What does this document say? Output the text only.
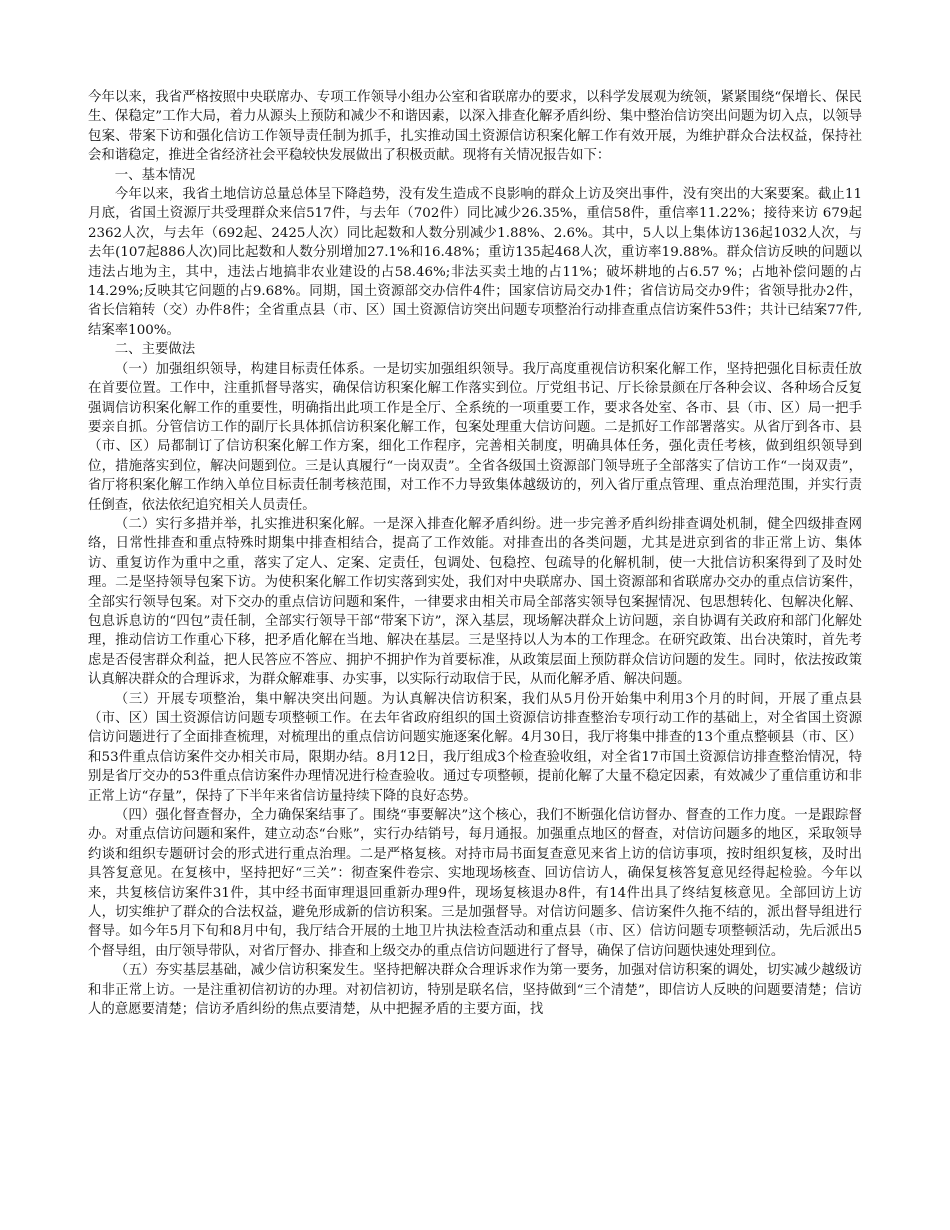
今年以来，我省严格按照中央联席办、专项工作领导小组办公室和省联席办的要求，以科学发展观为统领，紧紧围绕“保增长、保民生、保稳定”工作大局，着力从源头上预防和减少不和谐因素，以深入排查化解矛盾纠纷、集中整治信访突出问题为切入点，以领导包案、带案下访和强化信访工作领导责任制为抓手，扎实推动国土资源信访积案化解工作有效开展，为维护群众合法权益，保持社会和谐稳定，推进全省经济社会平稳较快发展做出了积极贡献。现将有关情况报告如下：

一、基本情况

今年以来，我省土地信访总量总体呈下降趋势，没有发生造成不良影响的群众上访及突出事件，没有突出的大案要案。截止11月底，省国土资源厅共受理群众来信517件，与去年（702件）同比减少26.35%，重信58件，重信率11.22%；接待来访 679起2362人次，与去年（692起、2425人次）同比起数和人数分别减少1.88%、2.6%。其中，5人以上集体访136起1032人次，与去年(107起886人次)同比起数和人数分别增加27.1%和16.48%；重访135起468人次，重访率19.88%。群众信访反映的问题以违法占地为主，其中，违法占地搞非农业建设的占58.46%;非法买卖土地的占11%；破坏耕地的占6.57 %；占地补偿问题的占14.29%;反映其它问题的占9.68%。同期，国土资源部交办信件4件；国家信访局交办1件；省信访局交办9件；省领导批办2件，省长信箱转（交）办件8件；全省重点县（市、区）国土资源信访突出问题专项整治行动排查重点信访案件53件；共计已结案77件,结案率100%。

二、主要做法

（一）加强组织领导，构建目标责任体系。一是切实加强组织领导。我厅高度重视信访积案化解工作，坚持把强化目标责任放在首要位置。工作中，注重抓督导落实，确保信访积案化解工作落实到位。厅党组书记、厅长徐景颜在厅各种会议、各种场合反复强调信访积案化解工作的重要性，明确指出此项工作是全厅、全系统的一项重要工作，要求各处室、各市、县（市、区）局一把手要亲自抓。分管信访工作的副厅长具体抓信访积案化解工作，包案处理重大信访问题。二是抓好工作部署落实。从省厅到各市、县（市、区）局都制订了信访积案化解工作方案，细化工作程序，完善相关制度，明确具体任务，强化责任考核，做到组织领导到位，措施落实到位，解决问题到位。三是认真履行“一岗双责”。全省各级国土资源部门领导班子全部落实了信访工作“一岗双责”，省厅将积案化解工作纳入单位目标责任制考核范围，对工作不力导致集体越级访的，列入省厅重点管理、重点治理范围，并实行责任倒查，依法依纪追究相关人员责任。

（二）实行多措并举，扎实推进积案化解。一是深入排查化解矛盾纠纷。进一步完善矛盾纠纷排查调处机制，健全四级排查网络，日常性排查和重点特殊时期集中排查相结合，提高了工作效能。对排查出的各类问题，尤其是进京到省的非正常上访、集体访、重复访作为重中之重，落实了定人、定案、定责任，包调处、包稳控、包疏导的化解机制，使一大批信访积案得到了及时处理。二是坚持领导包案下访。为使积案化解工作切实落到实处，我们对中央联席办、国土资源部和省联席办交办的重点信访案件，全部实行领导包案。对下交办的重点信访问题和案件，一律要求由相关市局全部落实领导包案握情况、包思想转化、包解决化解、包息诉息访的“四包”责任制，全部实行领导干部“带案下访”，深入基层，现场解决群众上访问题，亲自协调有关政府和部门化解处理，推动信访工作重心下移，把矛盾化解在当地、解决在基层。三是坚持以人为本的工作理念。在研究政策、出台决策时，首先考虑是否侵害群众利益，把人民答应不答应、拥护不拥护作为首要标准，从政策层面上预防群众信访问题的发生。同时，依法按政策认真解决群众的合理诉求，为群众解难事、办实事，以实际行动取信于民，从而化解矛盾、解决问题。

（三）开展专项整治，集中解决突出问题。为认真解决信访积案，我们从5月份开始集中利用3个月的时间，开展了重点县（市、区）国土资源信访问题专项整顿工作。在去年省政府组织的国土资源信访排查整治专项行动工作的基础上，对全省国土资源信访问题进行了全面排查梳理，对梳理出的重点信访问题实施逐案化解。4月30日，我厅将集中排查的13个重点整顿县（市、区）和53件重点信访案件交办相关市局，限期办结。8月12日，我厅组成3个检查验收组，对全省17市国土资源信访排查整治情况，特别是省厅交办的53件重点信访案件办理情况进行检查验收。通过专项整顿，提前化解了大量不稳定因素，有效减少了重信重访和非正常上访“存量”，保持了下半年来省信访量持续下降的良好态势。

（四）强化督查督办，全力确保案结事了。围绕“事要解决”这个核心，我们不断强化信访督办、督查的工作力度。一是跟踪督办。对重点信访问题和案件，建立动态“台账”，实行办结销号，每月通报。加强重点地区的督查，对信访问题多的地区，采取领导约谈和组织专题研讨会的形式进行重点治理。二是严格复核。对持市局书面复查意见来省上访的信访事项，按时组织复核，及时出具答复意见。在复核中，坚持把好“三关”：彻查案件卷宗、实地现场核查、回访信访人，确保复核答复意见经得起检验。今年以来，共复核信访案件31件，其中经书面审理退回重新办理9件，现场复核退办8件，有14件出具了终结复核意见。全部回访上访人，切实维护了群众的合法权益，避免形成新的信访积案。三是加强督导。对信访问题多、信访案件久拖不结的，派出督导组进行督导。如今年5月下旬和8月中旬，我厅结合开展的土地卫片执法检查活动和重点县（市、区）信访问题专项整顿活动，先后派出5个督导组，由厅领导带队，对省厅督办、排查和上级交办的重点信访问题进行了督导，确保了信访问题快速处理到位。

（五）夯实基层基础，减少信访积案发生。坚持把解决群众合理诉求作为第一要务，加强对信访积案的调处，切实减少越级访和非正常上访。一是注重初信初访的办理。对初信初访，特别是联名信，坚持做到“三个清楚”，即信访人反映的问题要清楚；信访人的意愿要清楚；信访矛盾纠纷的焦点要清楚，从中把握矛盾的主要方面，找
